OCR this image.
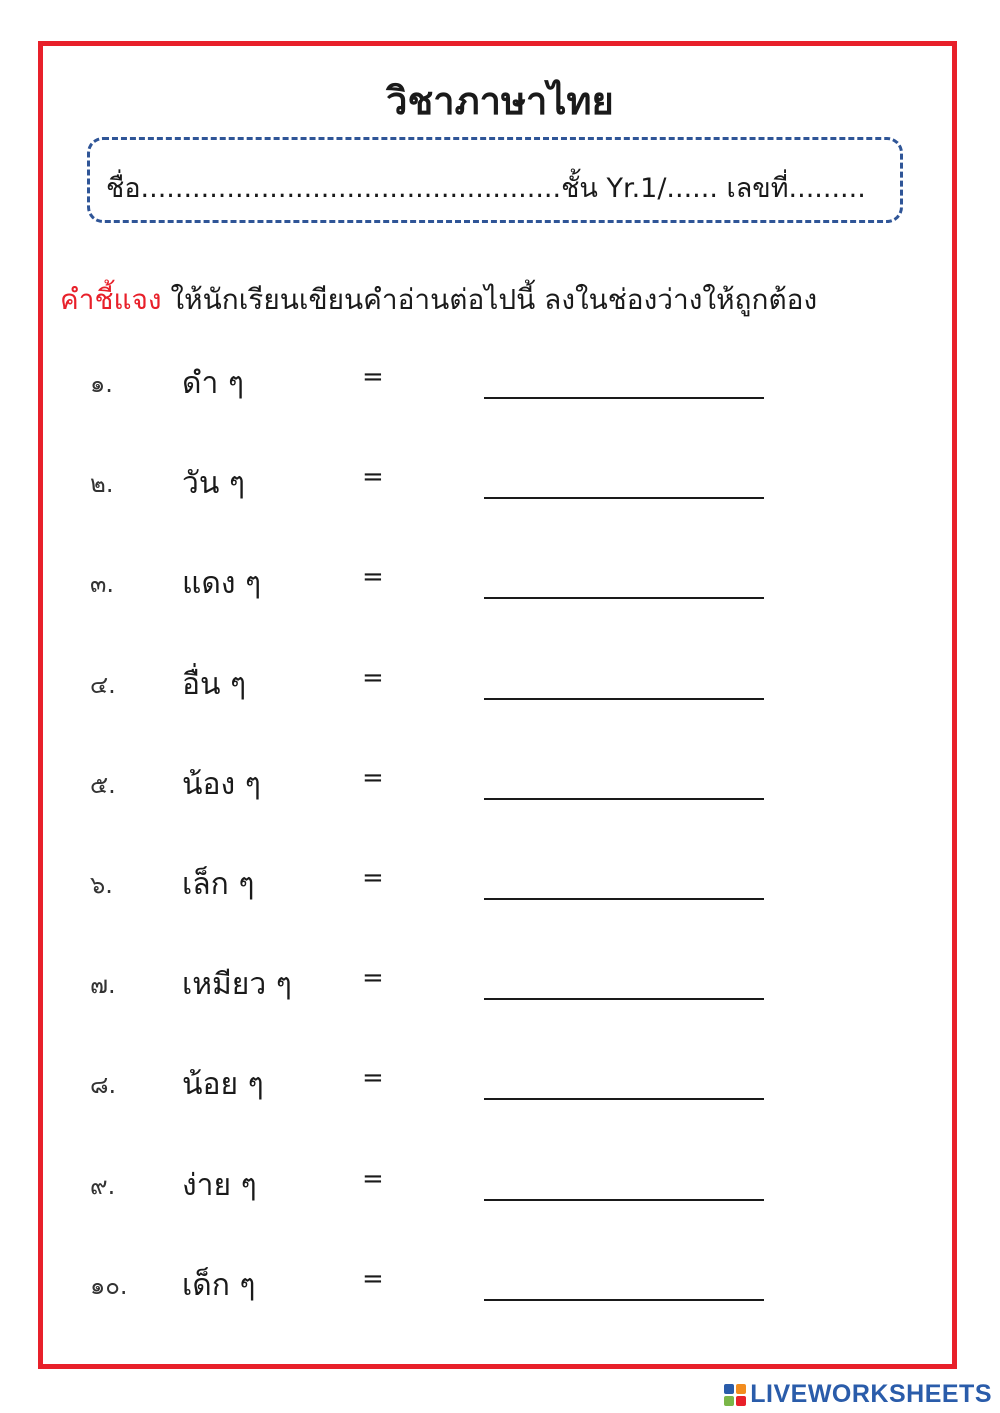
วิชาภาษาไทย
ชื่อ.................................................ชั้น Yr.1/...... เลขที่.........
คำชี้แจง ให้นักเรียนเขียนคำอ่านต่อไปนี้ ลงในช่องว่างให้ถูกต้อง
๑. ดำ ๆ	=
๒. วัน ๆ	=
๓. แดง ๆ	=
๔. อื่น ๆ	=
๕. น้อง ๆ	=
๖. เล็ก ๆ	=
๗. เหมียว ๆ	=
๘. น้อย ๆ	=
๙. ง่าย ๆ	=
๑๐. เด็ก ๆ	=
LIVEWORKSHEETS
